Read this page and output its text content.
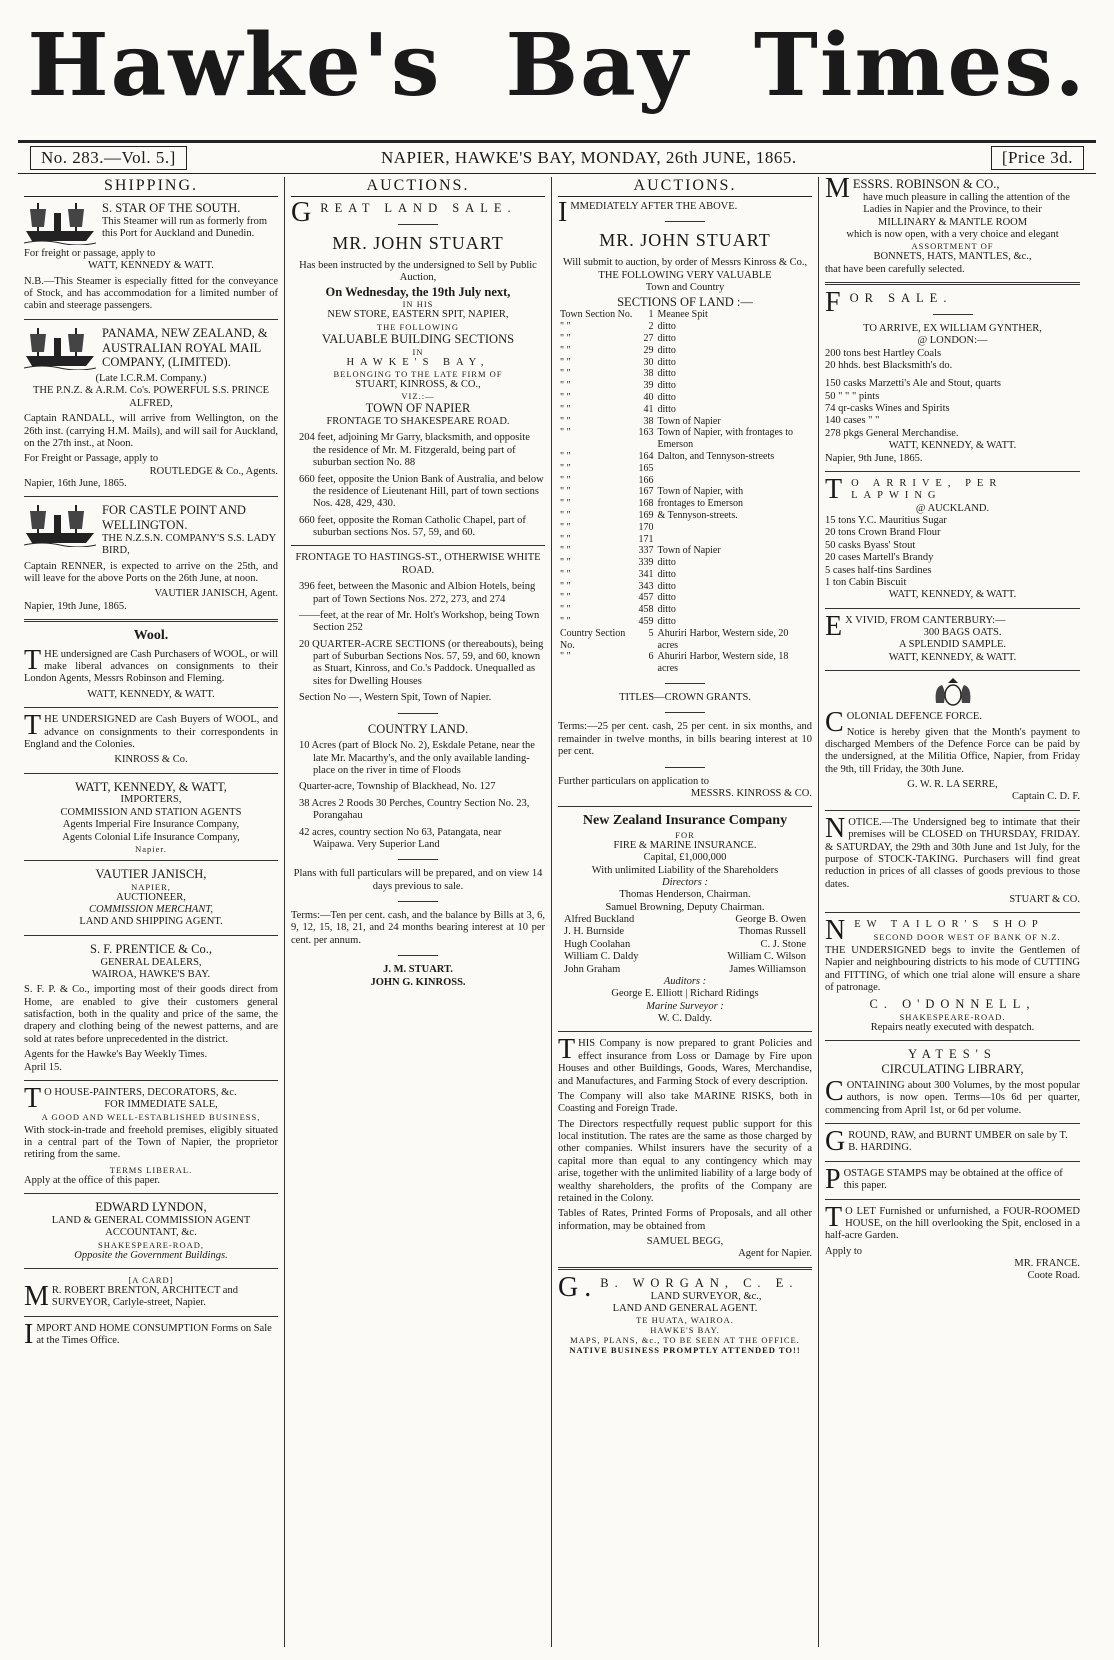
Hawke's Bay Times.
No. 283.—Vol. 5.]	NAPIER, HAWKE'S BAY, MONDAY, 26th JUNE, 1865.	[Price 3d.
SHIPPING.
S. STAR OF THE SOUTH.
This Steamer will run as formerly from this Port for Auckland and Dunedin.
For freight or passage, apply to
WATT, KENNEDY & WATT.
N.B.—This Steamer is especially fitted for the conveyance of Stock, and has accommodation for a limited number of cabin and steerage passengers.
PANAMA, NEW ZEALAND, & AUSTRALIAN ROYAL MAIL COMPANY, (LIMITED).
(Late I.C.R.M. Company.)
THE P.N.Z. & A.R.M. Co's. POWERFUL S.S. PRINCE ALFRED,
Captain RANDALL, will arrive from Wellington, on the 26th inst. (carrying H.M. Mails), and will sail for Auckland, on the 27th inst., at Noon.
For Freight or Passage, apply to
ROUTLEDGE & Co., Agents.
Napier, 16th June, 1865.
FOR CASTLE POINT AND WELLINGTON.
THE N.Z.S.N. COMPANY'S S.S. LADY BIRD,
Captain RENNER, is expected to arrive on the 25th, and will leave for the above Ports on the 26th June, at noon.
VAUTIER JANISCH, Agent.
Napier, 19th June, 1865.
Wool.
THE undersigned are Cash Purchasers of WOOL, or will make liberal advances on consignments to their London Agents, Messrs Robinson and Fleming.
WATT, KENNEDY, & WATT.
THE UNDERSIGNED are Cash Buyers of WOOL, and advance on consignments to their correspondents in England and the Colonies.
KINROSS & Co.
WATT, KENNEDY, & WATT,
IMPORTERS,
COMMISSION AND STATION AGENTS
Agents Imperial Fire Insurance Company,
Agents Colonial Life Insurance Company,
Napier.
VAUTIER JANISCH,
NAPIER,
AUCTIONEER,
COMMISSION MERCHANT,
LAND AND SHIPPING AGENT.
S. F. PRENTICE & Co.,
GENERAL DEALERS,
WAIROA, HAWKE'S BAY.
S. F. P. & Co., importing most of their goods direct from Home, are enabled to give their customers general satisfaction, both in the quality and price of the same, the drapery and clothing being of the newest patterns, and are sold at rates before unprecedented in the district.
Agents for the Hawke's Bay Weekly Times.
April 15.
TO HOUSE-PAINTERS, DECORATORS, &c.
FOR IMMEDIATE SALE,
A GOOD AND WELL-ESTABLISHED BUSINESS,
With stock-in-trade and freehold premises, eligibly situated in a central part of the Town of Napier, the proprietor retiring from the same.
TERMS LIBERAL.
Apply at the office of this paper.
EDWARD LYNDON,
LAND & GENERAL COMMISSION AGENT
ACCOUNTANT, &c.
SHAKESPEARE-ROAD,
Opposite the Government Buildings.
[A CARD]
MR. ROBERT BRENTON, ARCHITECT and SURVEYOR, Carlyle-street, Napier.
IMPORT AND HOME CONSUMPTION Forms on Sale at the Times Office.
AUCTIONS.
GREAT LAND SALE.
MR. JOHN STUART
Has been instructed by the undersigned to Sell by Public Auction,
On Wednesday, the 19th July next,
IN HIS
NEW STORE, EASTERN SPIT, NAPIER,
THE FOLLOWING
VALUABLE BUILDING SECTIONS
IN
HAWKE'S BAY,
BELONGING TO THE LATE FIRM OF
STUART, KINROSS, & CO.,
VIZ.:—
TOWN OF NAPIER
FRONTAGE TO SHAKESPEARE ROAD.
204 feet, adjoining Mr Garry, blacksmith, and opposite the residence of Mr. M. Fitzgerald, being part of suburban section No. 88
660 feet, opposite the Union Bank of Australia, and below the residence of Lieutenant Hill, part of town sections Nos. 428, 429, 430.
660 feet, opposite the Roman Catholic Chapel, part of suburban sections Nos. 57, 59, and 60.
FRONTAGE TO HASTINGS-ST., OTHERWISE WHITE ROAD.
396 feet, between the Masonic and Albion Hotels, being part of Town Sections Nos. 272, 273, and 274
——feet, at the rear of Mr. Holt's Workshop, being Town Section 252
20 QUARTER-ACRE SECTIONS (or thereabouts), being part of Suburban Sections Nos. 57, 59, and 60, known as Stuart, Kinross, and Co.'s Paddock. Unequalled as sites for Dwelling Houses
Section No —, Western Spit, Town of Napier.
COUNTRY LAND.
10 Acres (part of Block No. 2), Eskdale Petane, near the late Mr. Macarthy's, and the only available landing-place on the river in time of Floods
Quarter-acre, Township of Blackhead, No. 127
38 Acres 2 Roods 30 Perches, Country Section No. 23, Porangahau
42 acres, country section No 63, Patangata, near Waipawa. Very Superior Land
Plans with full particulars will be prepared, and on view 14 days previous to sale.
Terms:—Ten per cent. cash, and the balance by Bills at 3, 6, 9, 12, 15, 18, 21, and 24 months bearing interest at 10 per cent. per annum.
J. M. STUART.
JOHN G. KINROSS.
AUCTIONS.
IMMEDIATELY AFTER THE ABOVE.
MR. JOHN STUART
Will submit to auction, by order of Messrs Kinross & Co.,
THE FOLLOWING VERY VALUABLE
Town and Country
SECTIONS OF LAND :—
Town Section No.	1	Meanee Spit
" "	2	ditto
" "	27	ditto
" "	29	ditto
" "	30	ditto
" "	38	ditto
" "	39	ditto
" "	40	ditto
" "	41	ditto
" "	38	Town of Napier
" "	163	Town of Napier, with frontages to Emerson
" "	164	Dalton, and Tennyson-streets
" "	165	
" "	166	
" "	167	Town of Napier, with
" "	168	frontages to Emerson
" "	169	& Tennyson-streets.
" "	170	
" "	171	
" "	337	Town of Napier
" "	339	ditto
" "	341	ditto
" "	343	ditto
" "	457	ditto
" "	458	ditto
" "	459	ditto
Country Section No.	5	Ahuriri Harbor, Western side, 20 acres
" "	6	Ahuriri Harbor, Western side, 18 acres
TITLES—CROWN GRANTS.
Terms:—25 per cent. cash, 25 per cent. in six months, and remainder in twelve months, in bills bearing interest at 10 per cent.
Further particulars on application to
MESSRS. KINROSS & CO.
New Zealand Insurance Company
FOR
FIRE & MARINE INSURANCE.
Capital, £1,000,000
With unlimited Liability of the Shareholders
Directors :
Thomas Henderson, Chairman.
Samuel Browning, Deputy Chairman.
Alfred Buckland	George B. Owen
J. H. Burnside	Thomas Russell
Hugh Coolahan	C. J. Stone
William C. Daldy	William C. Wilson
John Graham	James Williamson
Auditors :
George E. Elliott | Richard Ridings
Marine Surveyor :
W. C. Daldy.
THIS Company is now prepared to grant Policies and effect insurance from Loss or Damage by Fire upon Houses and other Buildings, Goods, Wares, Merchandise, and Manufactures, and Farming Stock of every description.
The Company will also take MARINE RISKS, both in Coasting and Foreign Trade.
The Directors respectfully request public support for this local institution. The rates are the same as those charged by other companies. Whilst insurers have the security of a capital more than equal to any contingency which may arise, together with the unlimited liability of a large body of wealthy shareholders, the profits of the Company are retained in the Colony.
Tables of Rates, Printed Forms of Proposals, and all other information, may be obtained from
SAMUEL BEGG,
Agent for Napier.
G.B. WORGAN, C. E.
LAND SURVEYOR, &c.,
LAND AND GENERAL AGENT.
TE HUATA, WAIROA.
HAWKE'S BAY.
MAPS, PLANS, &c., TO BE SEEN AT THE OFFICE.
NATIVE BUSINESS PROMPTLY ATTENDED TO!!
MESSRS. ROBINSON & CO.,
have much pleasure in calling the attention of the Ladies in Napier and the Province, to their
MILLINARY & MANTLE ROOM
which is now open, with a very choice and elegant
ASSORTMENT OF
BONNETS, HATS, MANTLES, &c.,
that have been carefully selected.
FOR SALE.
TO ARRIVE, EX WILLIAM GYNTHER,
@ LONDON:—
200 tons best Hartley Coals
20 hhds. best Blacksmith's do.
150 casks Marzetti's Ale and Stout, quarts
50 " " " pints
74 qr-casks Wines and Spirits
140 cases " "
278 pkgs General Merchandise.
WATT, KENNEDY, & WATT.
Napier, 9th June, 1865.
TO ARRIVE, PER LAPWING
@ AUCKLAND.
15 tons Y.C. Mauritius Sugar
20 tons Crown Brand Flour
50 casks Byass' Stout
20 cases Martell's Brandy
5 cases half-tins Sardines
1 ton Cabin Biscuit
WATT, KENNEDY, & WATT.
EX VIVID, FROM CANTERBURY:—
300 BAGS OATS.
A SPLENDID SAMPLE.
WATT, KENNEDY, & WATT.
COLONIAL DEFENCE FORCE.
Notice is hereby given that the Month's payment to discharged Members of the Defence Force can be paid by the undersigned, at the Militia Office, Napier, from Friday the 9th, till Friday, the 30th June.
G. W. R. LA SERRE,
Captain C. D. F.
NOTICE.—The Undersigned beg to intimate that their premises will be CLOSED on THURSDAY, FRIDAY. & SATURDAY, the 29th and 30th June and 1st July, for the purpose of STOCK-TAKING. Purchasers will find great reduction in prices of all classes of goods previous to those dates.
STUART & CO.
NEW TAILOR'S SHOP
SECOND DOOR WEST OF BANK OF N.Z.
THE UNDERSIGNED begs to invite the Gentlemen of Napier and neighbouring districts to his mode of CUTTING and FITTING, of which one trial alone will ensure a share of patronage.
C. O'DONNELL,
SHAKESPEARE-ROAD.
Repairs neatly executed with despatch.
YATES'S
CIRCULATING LIBRARY,
CONTAINING about 300 Volumes, by the most popular authors, is now open. Terms—10s 6d per quarter, commencing from April 1st, or 6d per volume.
GROUND, RAW, and BURNT UMBER on sale by T. B. HARDING.
POSTAGE STAMPS may be obtained at the office of this paper.
TO LET Furnished or unfurnished, a FOUR-ROOMED HOUSE, on the hill overlooking the Spit, enclosed in a half-acre Garden.
Apply to
MR. FRANCE.
Coote Road.
